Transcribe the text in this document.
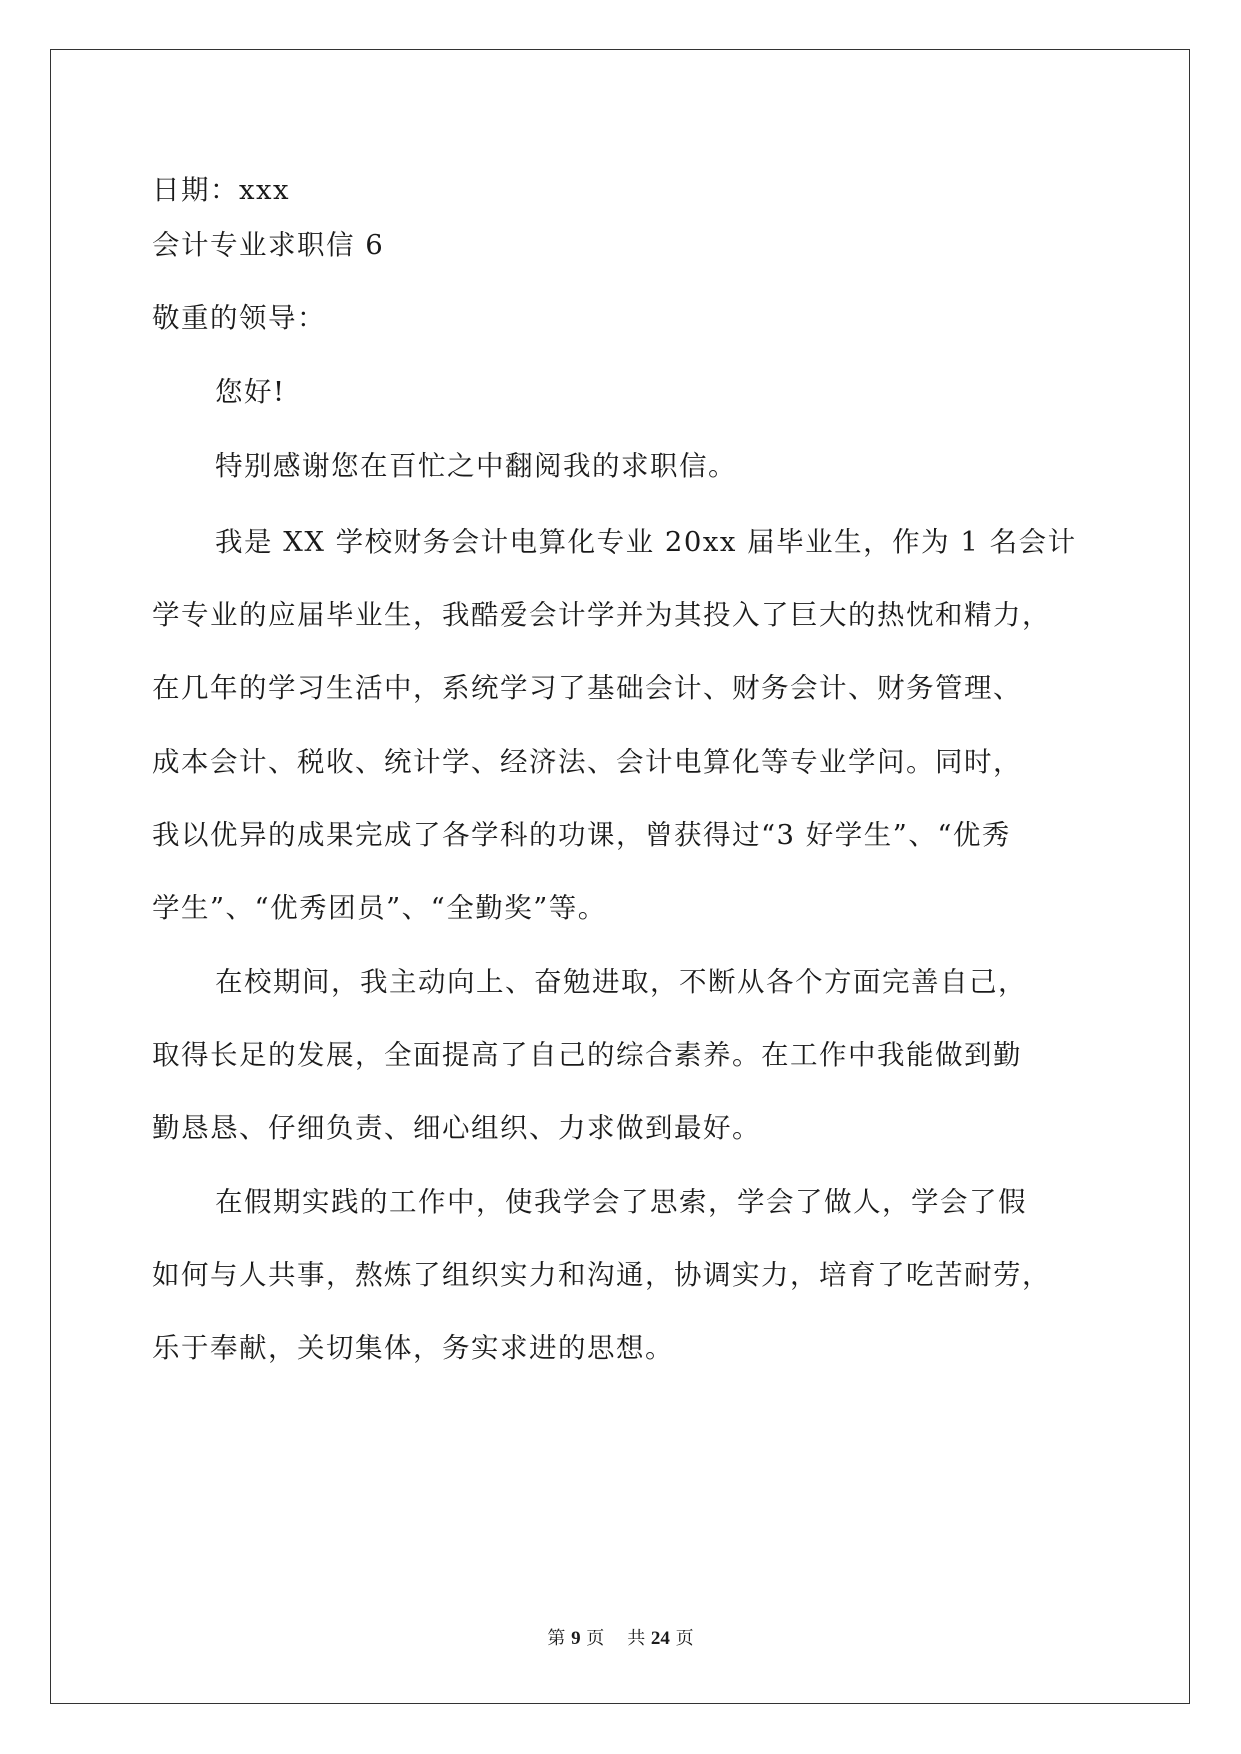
日期：xxx
会计专业求职信 6
敬重的领导：
您好!
特别感谢您在百忙之中翻阅我的求职信。
我是 XX 学校财务会计电算化专业 20xx 届毕业生，作为 1 名会计
学专业的应届毕业生，我酷爱会计学并为其投入了巨大的热忱和精力，
在几年的学习生活中，系统学习了基础会计、财务会计、财务管理、
成本会计、税收、统计学、经济法、会计电算化等专业学问。同时，
我以优异的成果完成了各学科的功课，曾获得过“3 好学生”、“优秀
学生”、“优秀团员”、“全勤奖”等。
在校期间，我主动向上、奋勉进取，不断从各个方面完善自己，
取得长足的发展，全面提高了自己的综合素养。在工作中我能做到勤
勤恳恳、仔细负责、细心组织、力求做到最好。
在假期实践的工作中，使我学会了思索，学会了做人，学会了假
如何与人共事，熬炼了组织实力和沟通，协调实力，培育了吃苦耐劳，
乐于奉献，关切集体，务实求进的思想。
第 9 页 共 24 页
